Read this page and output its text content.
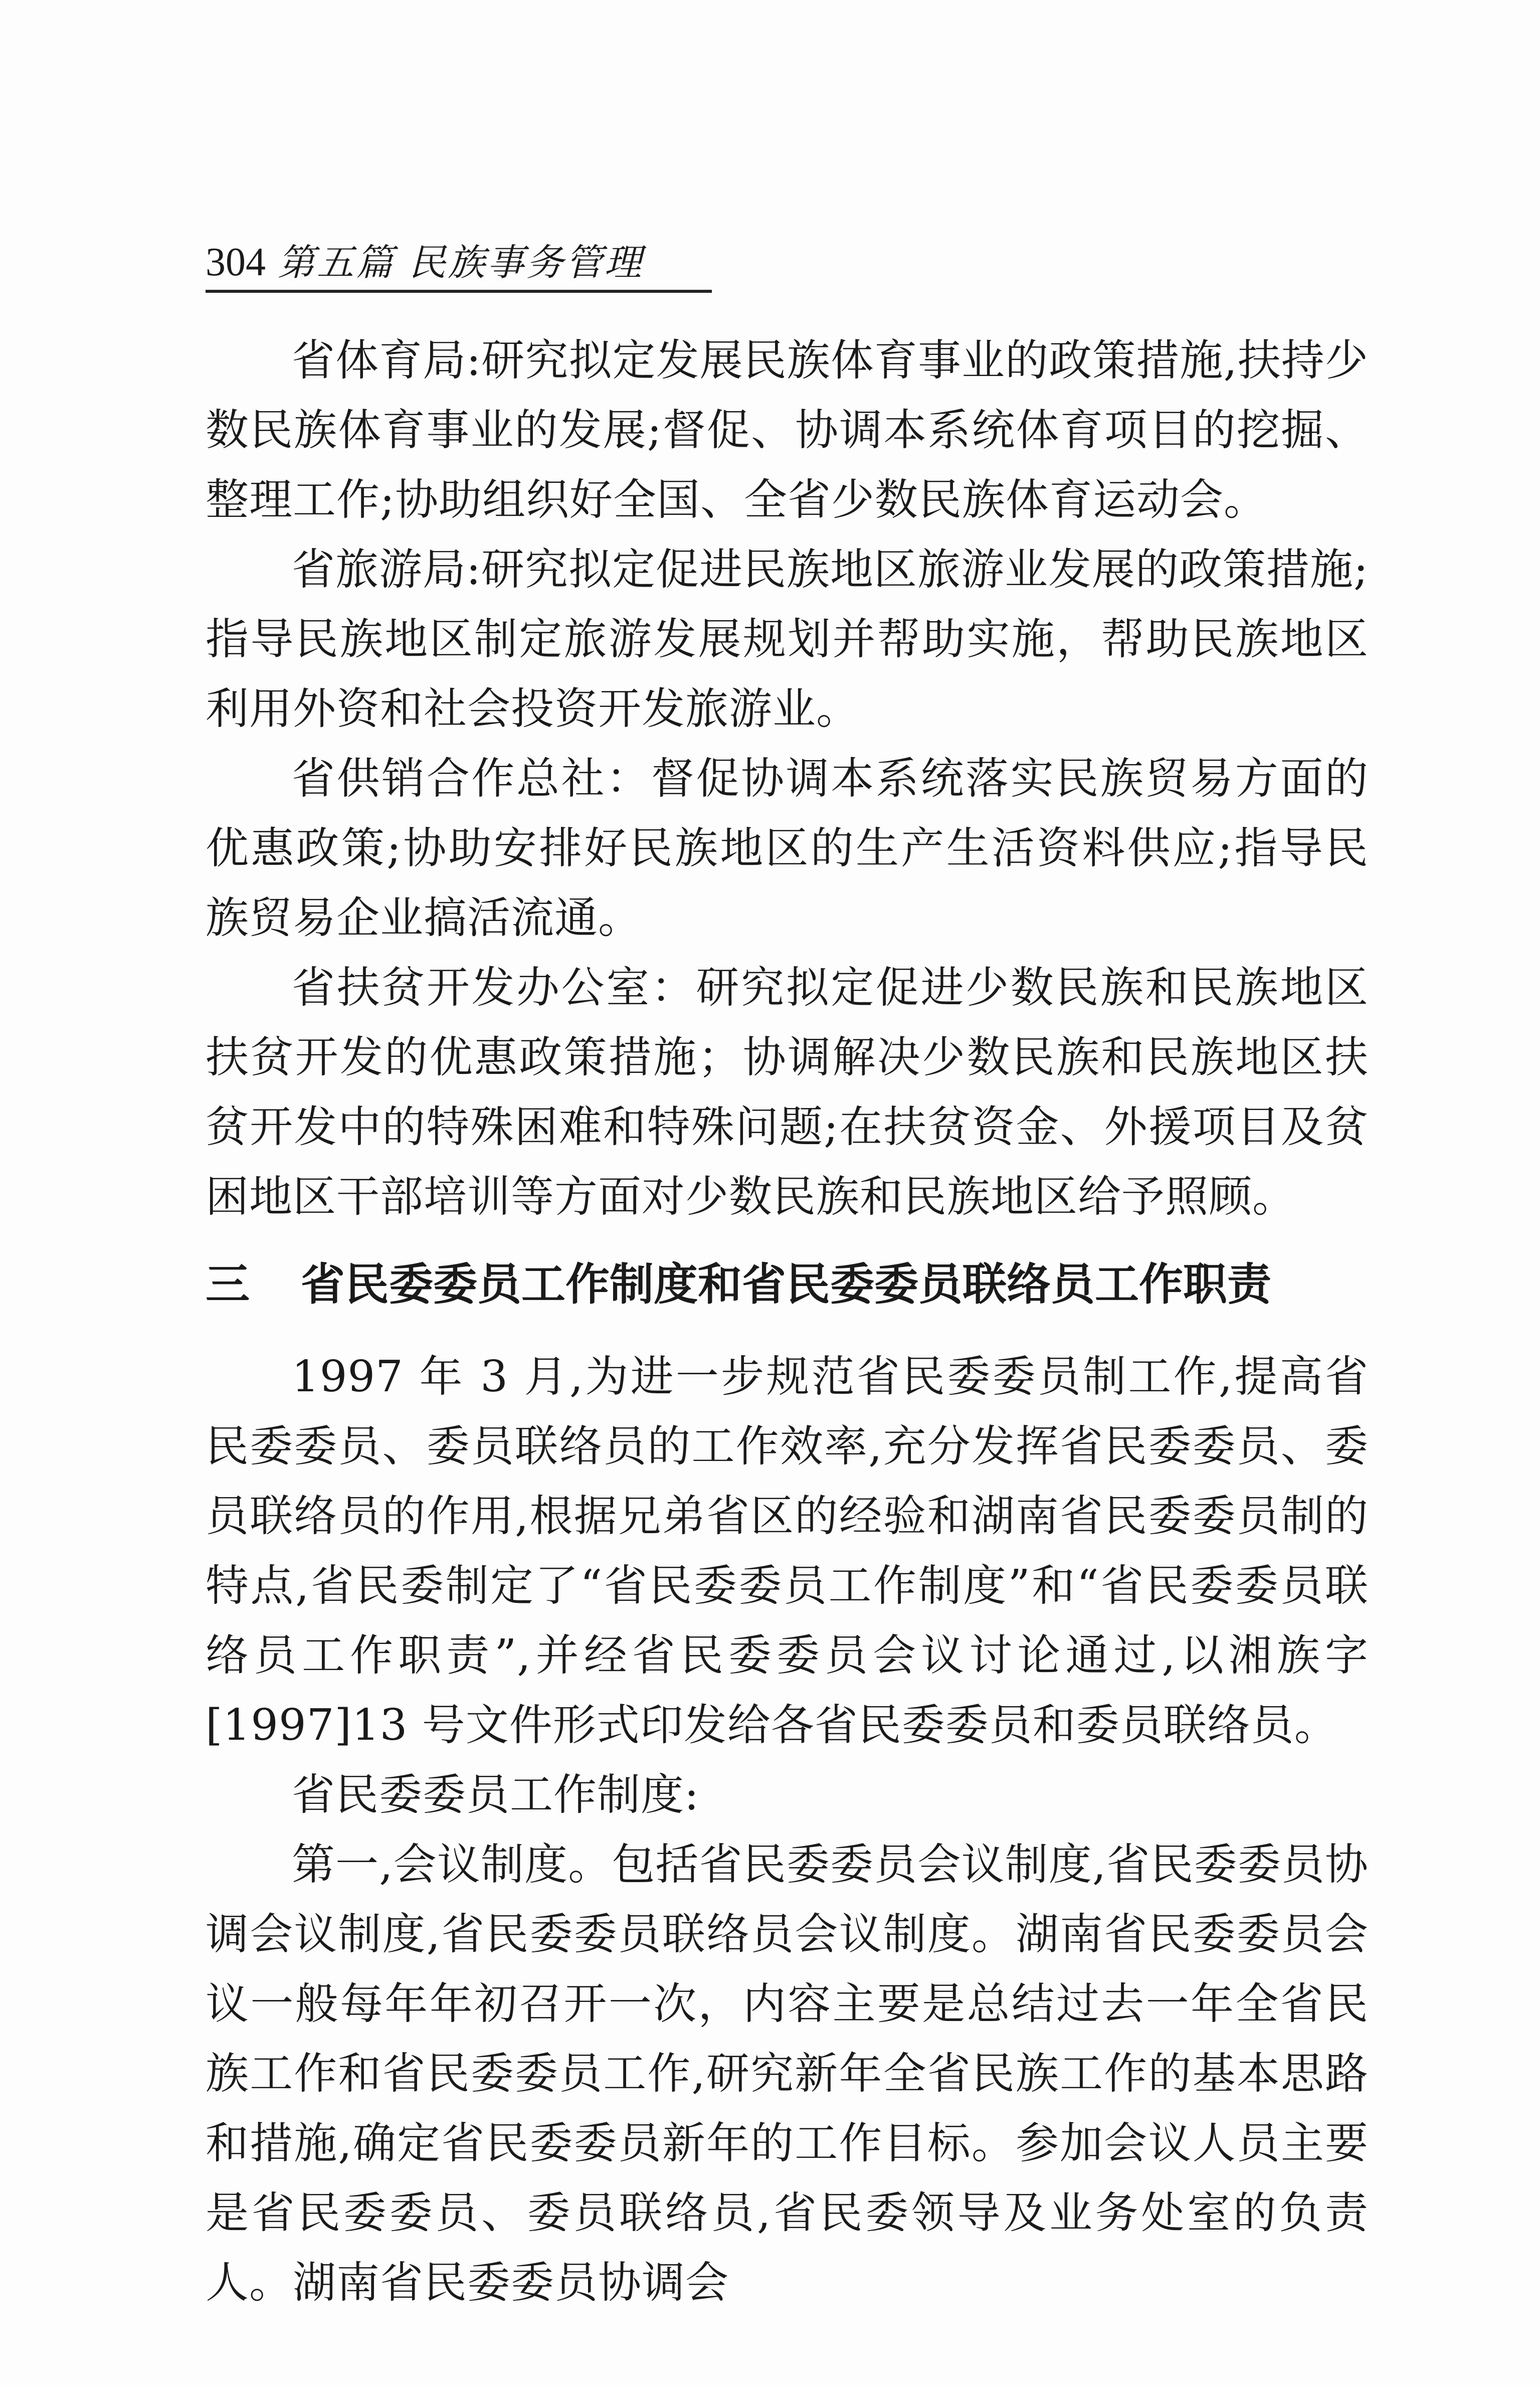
304 第五篇 民族事务管理

省体育局:研究拟定发展民族体育事业的政策措施,扶持少数民族体育事业的发展;督促、协调本系统体育项目的挖掘、整理工作;协助组织好全国、全省少数民族体育运动会。

省旅游局:研究拟定促进民族地区旅游业发展的政策措施;指导民族地区制定旅游发展规划并帮助实施，帮助民族地区利用外资和社会投资开发旅游业。

省供销合作总社：督促协调本系统落实民族贸易方面的优惠政策;协助安排好民族地区的生产生活资料供应;指导民族贸易企业搞活流通。

省扶贫开发办公室：研究拟定促进少数民族和民族地区扶贫开发的优惠政策措施；协调解决少数民族和民族地区扶贫开发中的特殊困难和特殊问题;在扶贫资金、外援项目及贫困地区干部培训等方面对少数民族和民族地区给予照顾。

三 省民委委员工作制度和省民委委员联络员工作职责

1997 年 3 月,为进一步规范省民委委员制工作,提高省民委委员、委员联络员的工作效率,充分发挥省民委委员、委员联络员的作用,根据兄弟省区的经验和湖南省民委委员制的特点,省民委制定了“省民委委员工作制度”和“省民委委员联络员工作职责”,并经省民委委员会议讨论通过,以湘族字[1997]13 号文件形式印发给各省民委委员和委员联络员。

省民委委员工作制度:

第一,会议制度。包括省民委委员会议制度,省民委委员协调会议制度,省民委委员联络员会议制度。湖南省民委委员会议一般每年年初召开一次，内容主要是总结过去一年全省民族工作和省民委委员工作,研究新年全省民族工作的基本思路和措施,确定省民委委员新年的工作目标。参加会议人员主要是省民委委员、委员联络员,省民委领导及业务处室的负责人。湖南省民委委员协调会
